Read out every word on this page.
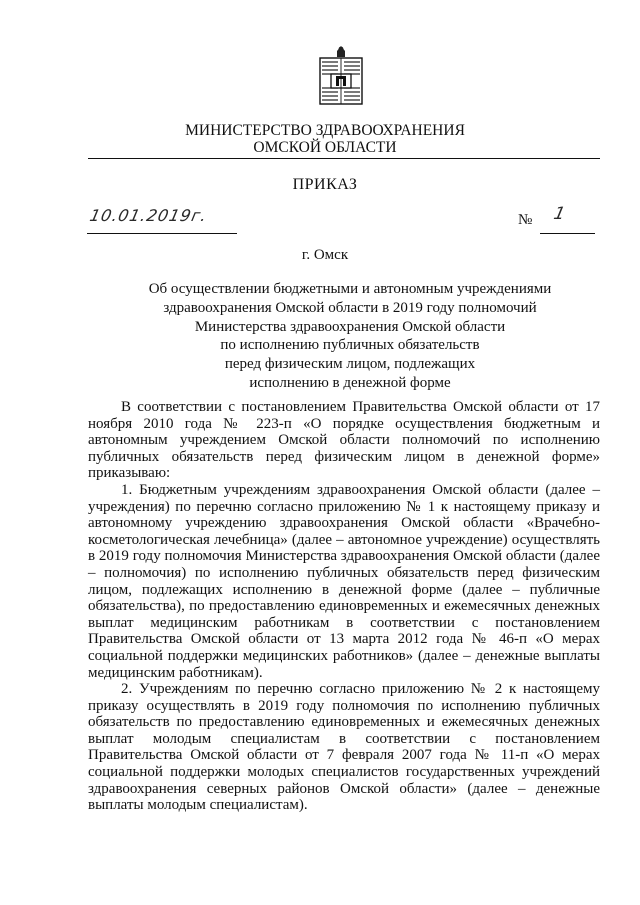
МИНИСТЕРСТВО ЗДРАВООХРАНЕНИЯ
ОМСКОЙ ОБЛАСТИ
ПРИКАЗ
10.01.2019г.	№ 1
г. Омск
Об осуществлении бюджетными и автономным учреждениями
здравоохранения Омской области в 2019 году полномочий
Министерства здравоохранения Омской области
по исполнению публичных обязательств
перед физическим лицом, подлежащих
исполнению в денежной форме

В соответствии с постановлением Правительства Омской области от 17 ноября 2010 года № 223-п «О порядке осуществления бюджетным и автономным учреждением Омской области полномочий по исполнению публичных обязательств перед физическим лицом в денежной форме» приказываю:

1. Бюджетным учреждениям здравоохранения Омской области (далее – учреждения) по перечню согласно приложению № 1 к настоящему приказу и автономному учреждению здравоохранения Омской области «Врачебно-косметологическая лечебница» (далее – автономное учреждение) осуществлять в 2019 году полномочия Министерства здравоохранения Омской области (далее – полномочия) по исполнению публичных обязательств перед физическим лицом, подлежащих исполнению в денежной форме (далее – публичные обязательства), по предоставлению единовременных и ежемесячных денежных выплат медицинским работникам в соответствии с постановлением Правительства Омской области от 13 марта 2012 года № 46-п «О мерах социальной поддержки медицинских работников» (далее – денежные выплаты медицинским работникам).

2. Учреждениям по перечню согласно приложению № 2 к настоящему приказу осуществлять в 2019 году полномочия по исполнению публичных обязательств по предоставлению единовременных и ежемесячных денежных выплат молодым специалистам в соответствии с постановлением Правительства Омской области от 7 февраля 2007 года № 11-п «О мерах социальной поддержки молодых специалистов государственных учреждений здравоохранения северных районов Омской области» (далее – денежные выплаты молодым специалистам).
